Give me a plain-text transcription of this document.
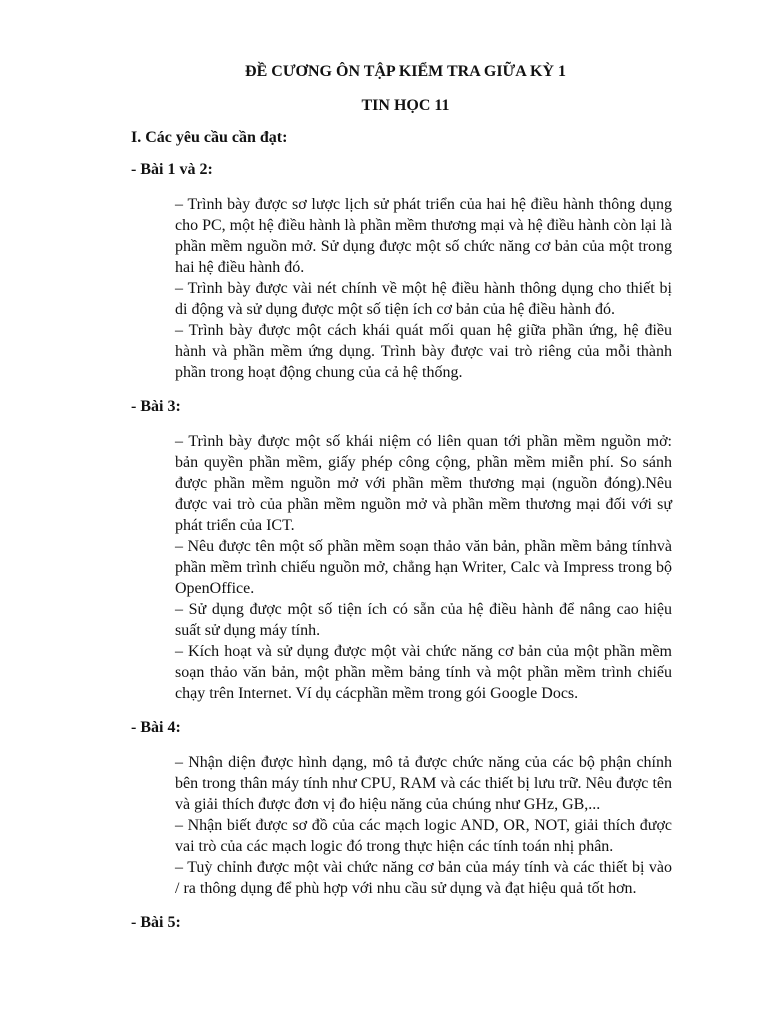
ĐỀ CƯƠNG ÔN TẬP KIỂM TRA GIỮA KỲ 1
TIN HỌC 11
I. Các yêu cầu cần đạt:
- Bài 1 và 2:

– Trình bày được sơ lược lịch sử phát triển của hai hệ điều hành thông dụng cho PC, một hệ điều hành là phần mềm thương mại và hệ điều hành còn lại là phần mềm nguồn mở. Sử dụng được một số chức năng cơ bản của một trong hai hệ điều hành đó.

– Trình bày được vài nét chính về một hệ điều hành thông dụng cho thiết bị di động và sử dụng được một số tiện ích cơ bản của hệ điều hành đó.

– Trình bày được một cách khái quát mối quan hệ giữa phần ứng, hệ điều hành và phần mềm ứng dụng. Trình bày được vai trò riêng của mỗi thành phần trong hoạt động chung của cả hệ thống.

- Bài 3:

– Trình bày được một số khái niệm có liên quan tới phần mềm nguồn mở: bản quyền phần mềm, giấy phép công cộng, phần mềm miễn phí. So sánh được phần mềm nguồn mở với phần mềm thương mại (nguồn đóng).Nêu được vai trò của phần mềm nguồn mở và phần mềm thương mại đối với sự phát triển của ICT.

– Nêu được tên một số phần mềm soạn thảo văn bản, phần mềm bảng tínhvà phần mềm trình chiếu nguồn mở, chẳng hạn Writer, Calc và Impress trong bộ OpenOffice.

– Sử dụng được một số tiện ích có sẵn của hệ điều hành để nâng cao hiệu suất sử dụng máy tính.

– Kích hoạt và sử dụng được một vài chức năng cơ bản của một phần mềm soạn thảo văn bản, một phần mềm bảng tính và một phần mềm trình chiếu chạy trên Internet. Ví dụ cácphần mềm trong gói Google Docs.

- Bài 4:

– Nhận diện được hình dạng, mô tả được chức năng của các bộ phận chính bên trong thân máy tính như CPU, RAM và các thiết bị lưu trữ. Nêu được tên và giải thích được đơn vị đo hiệu năng của chúng như GHz, GB,...

– Nhận biết được sơ đồ của các mạch logic AND, OR, NOT, giải thích được vai trò của các mạch logic đó trong thực hiện các tính toán nhị phân.

– Tuỳ chỉnh được một vài chức năng cơ bản của máy tính và các thiết bị vào / ra thông dụng để phù hợp với nhu cầu sử dụng và đạt hiệu quả tốt hơn.

- Bài 5:
